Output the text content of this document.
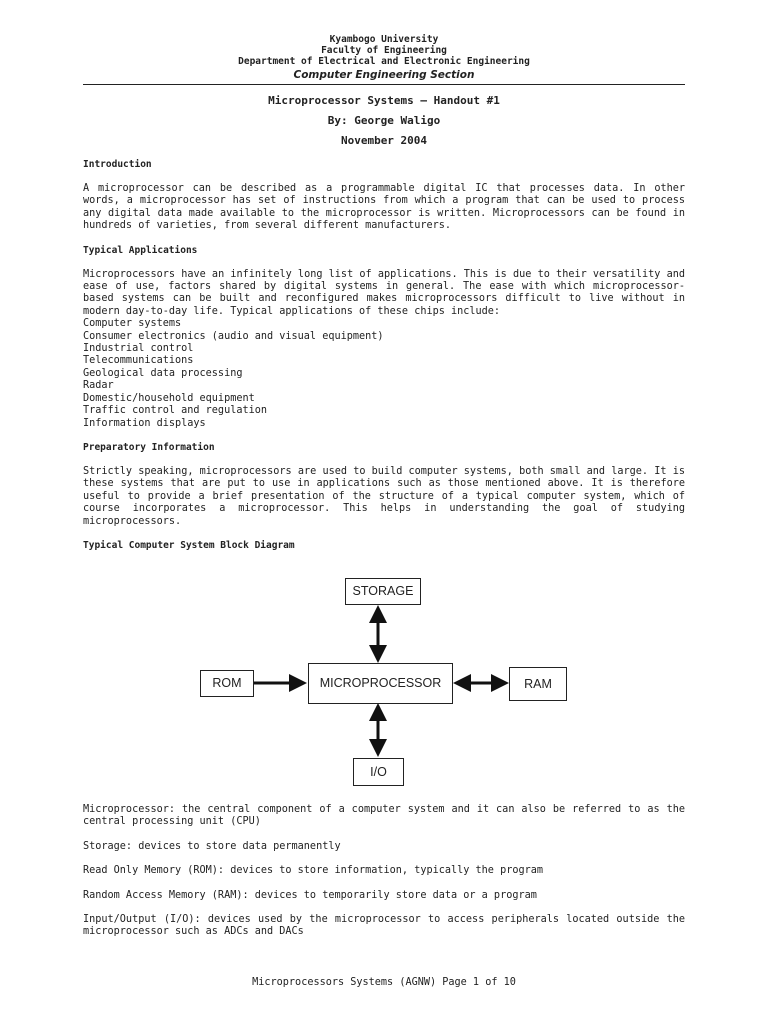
Kyambogo University
Faculty of Engineering
Department of Electrical and Electronic Engineering
Computer Engineering Section
Microprocessor Systems – Handout #1
By: George Waligo
November 2004
Introduction

A microprocessor can be described as a programmable digital IC that processes data. In other words, a microprocessor has set of instructions from which a program that can be used to process any digital data made available to the microprocessor is written. Microprocessors can be found in hundreds of varieties, from several different manufacturers.

Typical Applications

Microprocessors have an infinitely long list of applications. This is due to their versatility and ease of use, factors shared by digital systems in general. The ease with which microprocessor-based systems can be built and reconfigured makes microprocessors difficult to live without in modern day-to-day life. Typical applications of these chips include:

Computer systems
Consumer electronics (audio and visual equipment)
Industrial control
Telecommunications
Geological data processing
Radar
Domestic/household equipment
Traffic control and regulation
Information displays
Preparatory Information

Strictly speaking, microprocessors are used to build computer systems, both small and large. It is these systems that are put to use in applications such as those mentioned above. It is therefore useful to provide a brief presentation of the structure of a typical computer system, which of course incorporates a microprocessor. This helps in understanding the goal of studying microprocessors.

Typical Computer System Block Diagram
STORAGE
ROM	MICROPROCESSOR	RAM
I/O

Microprocessor: the central component of a computer system and it can also be referred to as the central processing unit (CPU)

Storage: devices to store data permanently

Read Only Memory (ROM): devices to store information, typically the program

Random Access Memory (RAM): devices to temporarily store data or a program

Input/Output (I/O): devices used by the microprocessor to access peripherals located outside the microprocessor such as ADCs and DACs

Microprocessors Systems (AGNW) Page 1 of 10
